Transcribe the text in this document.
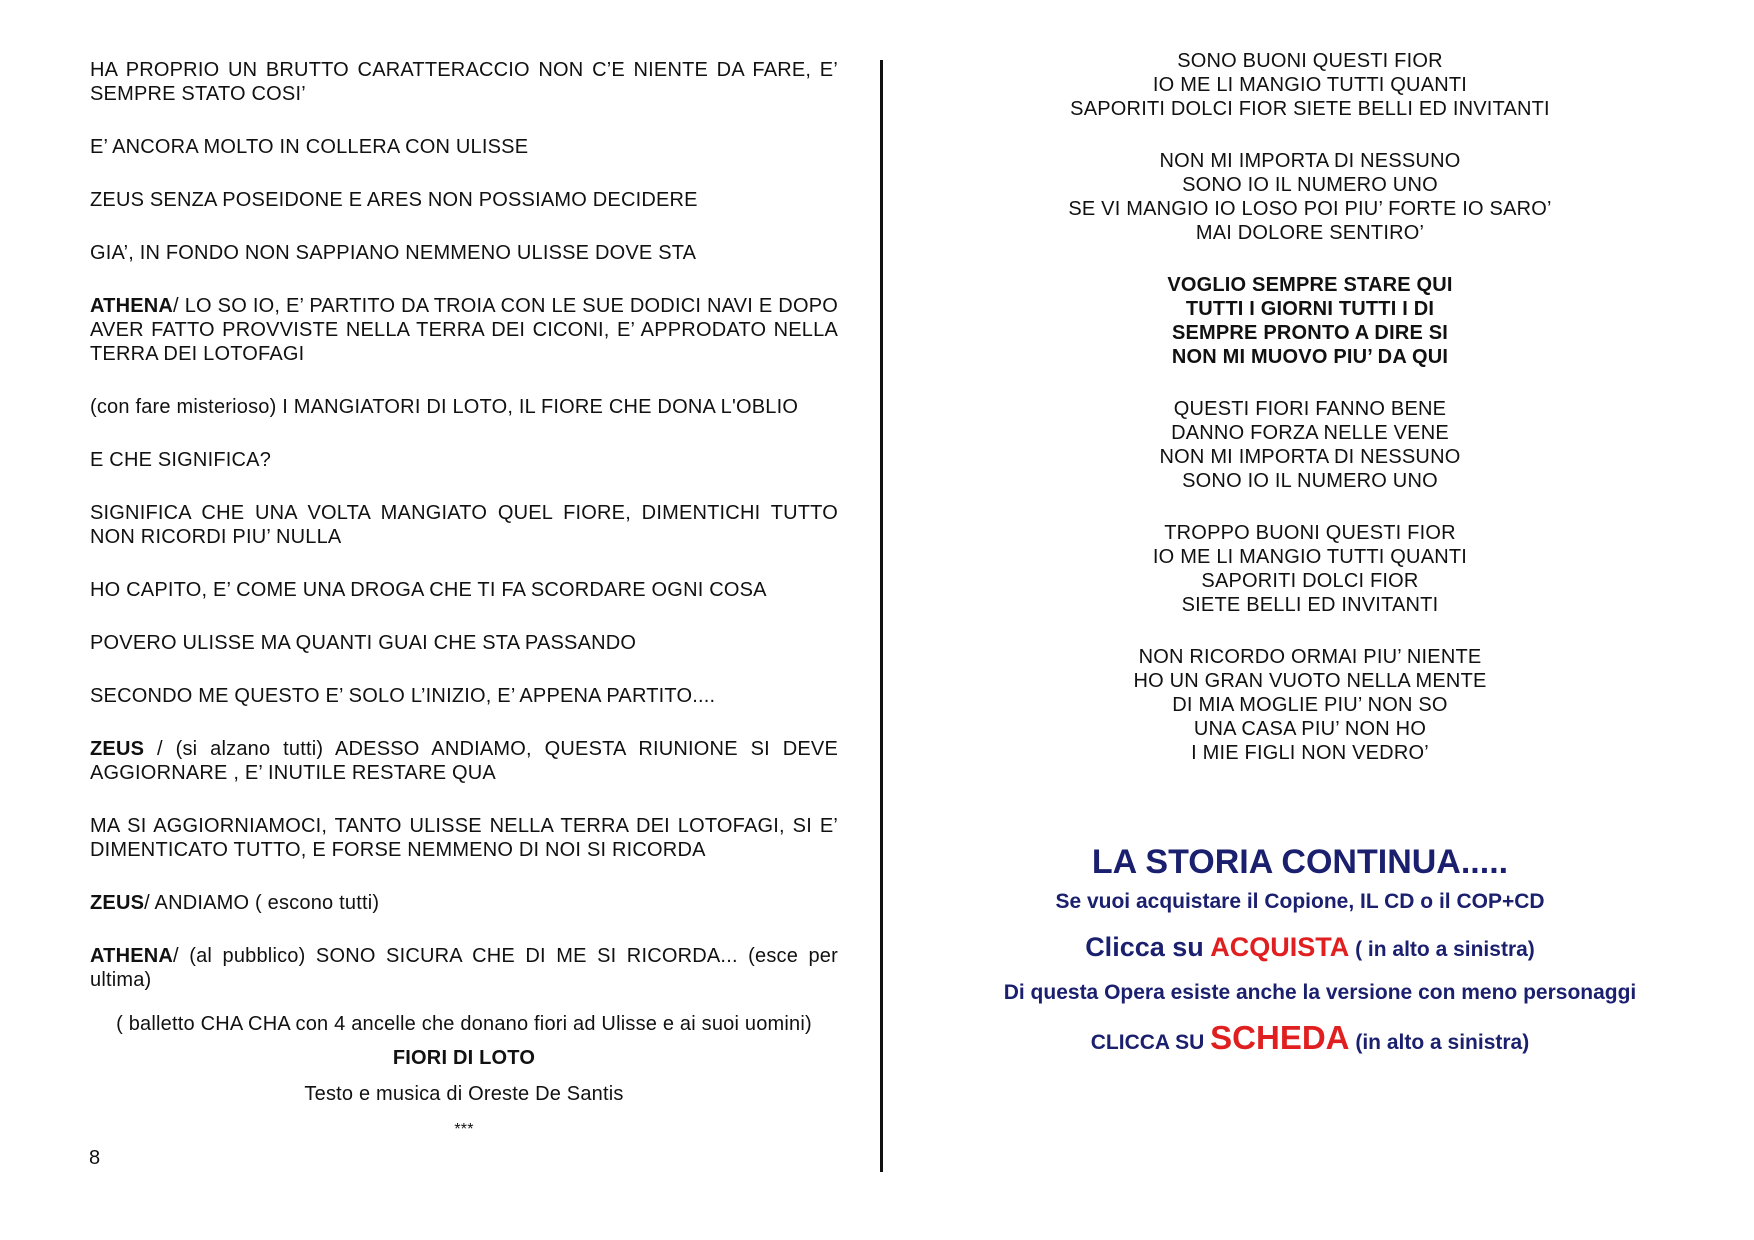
HA PROPRIO UN BRUTTO CARATTERACCIO NON C’E NIENTE DA FARE, E’ SEMPRE STATO COSI’
E’ ANCORA MOLTO IN COLLERA CON ULISSE
ZEUS SENZA POSEIDONE E ARES NON POSSIAMO DECIDERE
GIA’, IN FONDO NON SAPPIANO NEMMENO ULISSE DOVE STA
ATHENA/ LO SO IO, E’ PARTITO DA TROIA CON LE SUE DODICI NAVI E DOPO AVER FATTO PROVVISTE NELLA TERRA DEI CICONI, E’ APPRODATO NELLA TERRA DEI LOTOFAGI
(con fare misterioso) I MANGIATORI DI LOTO, IL FIORE CHE DONA L'OBLIO
E CHE SIGNIFICA?
SIGNIFICA CHE UNA VOLTA MANGIATO QUEL FIORE, DIMENTICHI TUTTO NON RICORDI PIU’ NULLA
HO CAPITO, E’ COME UNA DROGA CHE TI FA SCORDARE OGNI COSA
POVERO ULISSE MA QUANTI GUAI CHE STA PASSANDO
SECONDO ME QUESTO E’ SOLO L’INIZIO, E’ APPENA PARTITO....
ZEUS / (si alzano tutti) ADESSO ANDIAMO, QUESTA RIUNIONE SI DEVE AGGIORNARE , E’ INUTILE RESTARE QUA
MA SI AGGIORNIAMOCI, TANTO ULISSE NELLA TERRA DEI LOTOFAGI, SI E’ DIMENTICATO TUTTO, E FORSE NEMMENO DI NOI SI RICORDA
ZEUS/ ANDIAMO ( escono tutti)
ATHENA/ (al pubblico) SONO SICURA CHE DI ME SI RICORDA... (esce per ultima)
( balletto CHA CHA con 4 ancelle che donano fiori ad Ulisse e ai suoi uomini)
FIORI DI LOTO
Testo e musica di Oreste De Santis
***
8
SONO BUONI QUESTI FIOR
IO ME LI MANGIO TUTTI QUANTI
SAPORITI DOLCI FIOR SIETE BELLI ED INVITANTI
NON MI IMPORTA DI NESSUNO
SONO IO IL NUMERO UNO
SE VI MANGIO IO LOSO POI PIU’ FORTE IO SARO’
MAI DOLORE SENTIRO’
VOGLIO SEMPRE STARE QUI
TUTTI I GIORNI TUTTI I DI
SEMPRE PRONTO A DIRE SI
NON MI MUOVO PIU’ DA QUI
QUESTI FIORI FANNO BENE
DANNO FORZA NELLE VENE
NON MI IMPORTA DI NESSUNO
SONO IO IL NUMERO UNO
TROPPO BUONI QUESTI FIOR
IO ME LI MANGIO TUTTI QUANTI
SAPORITI DOLCI FIOR
SIETE BELLI ED INVITANTI
NON RICORDO ORMAI PIU’ NIENTE
HO UN GRAN VUOTO NELLA MENTE
DI MIA MOGLIE PIU’ NON SO
UNA CASA PIU’ NON HO
I MIE FIGLI NON VEDRO’
LA STORIA CONTINUA.....
Se vuoi acquistare il Copione, IL CD o il COP+CD
Clicca su ACQUISTA ( in alto a sinistra)
Di questa Opera esiste anche la versione con meno personaggi
CLICCA SU SCHEDA (in alto a sinistra)
